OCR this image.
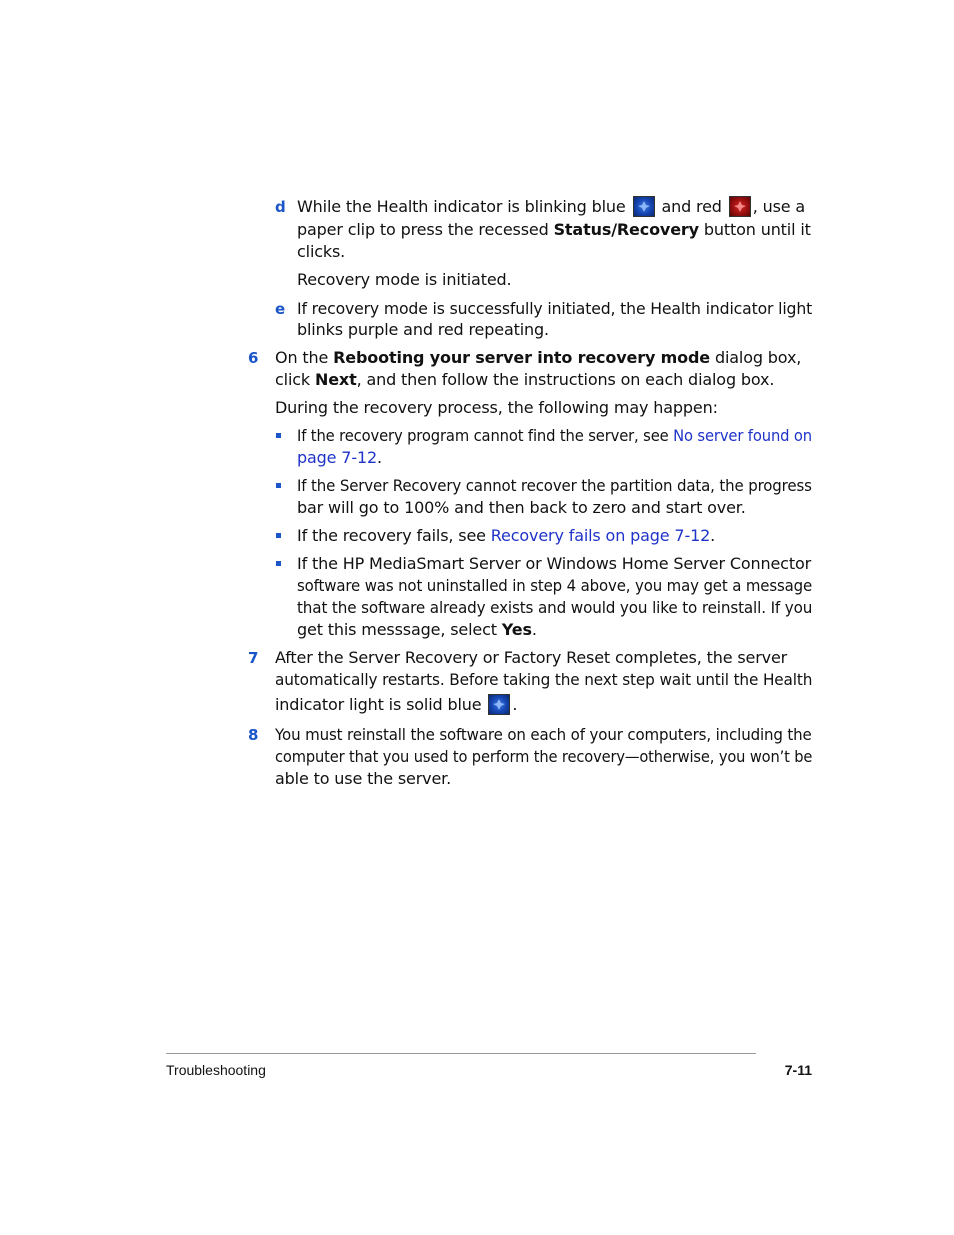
d While the Health indicator is blinking blue and red , use a
paper clip to press the recessed Status/Recovery button until it
clicks.
Recovery mode is initiated.
e If recovery mode is successfully initiated, the Health indicator light
blinks purple and red repeating.
6 On the Rebooting your server into recovery mode dialog box,
click Next, and then follow the instructions on each dialog box.
During the recovery process, the following may happen:
If the recovery program cannot find the server, see No server found on
page 7-12.
If the Server Recovery cannot recover the partition data, the progress
bar will go to 100% and then back to zero and start over.
If the recovery fails, see Recovery fails on page 7-12.
If the HP MediaSmart Server or Windows Home Server Connector
software was not uninstalled in step 4 above, you may get a message
that the software already exists and would you like to reinstall. If you
get this messsage, select Yes.
7 After the Server Recovery or Factory Reset completes, the server
automatically restarts. Before taking the next step wait until the Health
indicator light is solid blue .
8 You must reinstall the software on each of your computers, including the
computer that you used to perform the recovery—otherwise, you won’t be
able to use the server.
Troubleshooting	7-11
